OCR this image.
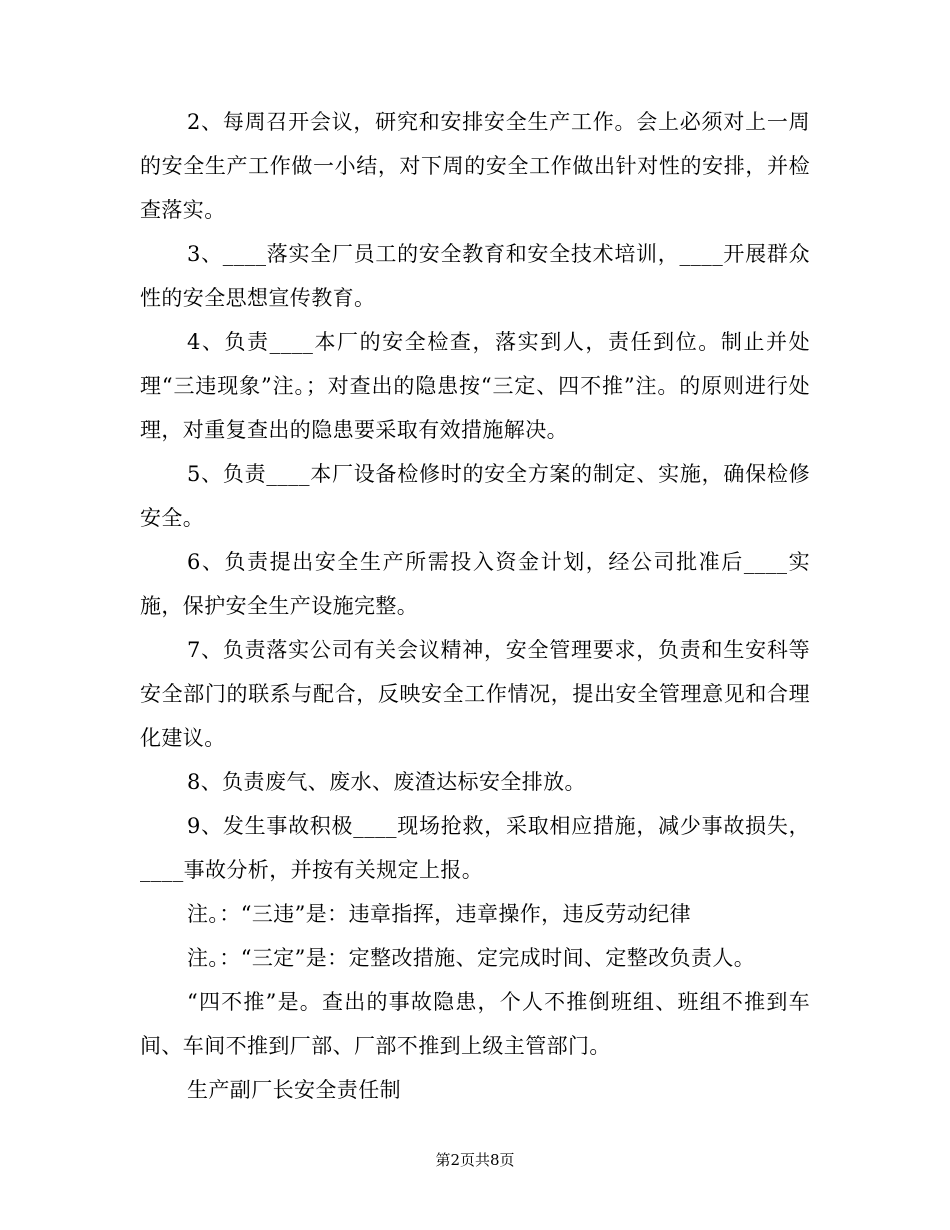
2、每周召开会议，研究和安排安全生产工作。会上必须对上一周的安全生产工作做一小结，对下周的安全工作做出针对性的安排，并检查落实。

3、____落实全厂员工的安全教育和安全技术培训，____开展群众性的安全思想宣传教育。

4、负责____本厂的安全检查，落实到人，责任到位。制止并处理“三违现象”注。；对查出的隐患按“三定、四不推”注。的原则进行处理，对重复查出的隐患要采取有效措施解决。

5、负责____本厂设备检修时的安全方案的制定、实施，确保检修安全。

6、负责提出安全生产所需投入资金计划，经公司批准后____实施，保护安全生产设施完整。

7、负责落实公司有关会议精神，安全管理要求，负责和生安科等安全部门的联系与配合，反映安全工作情况，提出安全管理意见和合理化建议。

8、负责废气、废水、废渣达标安全排放。

9、发生事故积极____现场抢救，采取相应措施，减少事故损失，____事故分析，并按有关规定上报。

注。：“三违”是：违章指挥，违章操作，违反劳动纪律

注。：“三定”是：定整改措施、定完成时间、定整改负责人。

“四不推”是。查出的事故隐患，个人不推倒班组、班组不推到车间、车间不推到厂部、厂部不推到上级主管部门。

生产副厂长安全责任制

第2页共8页
